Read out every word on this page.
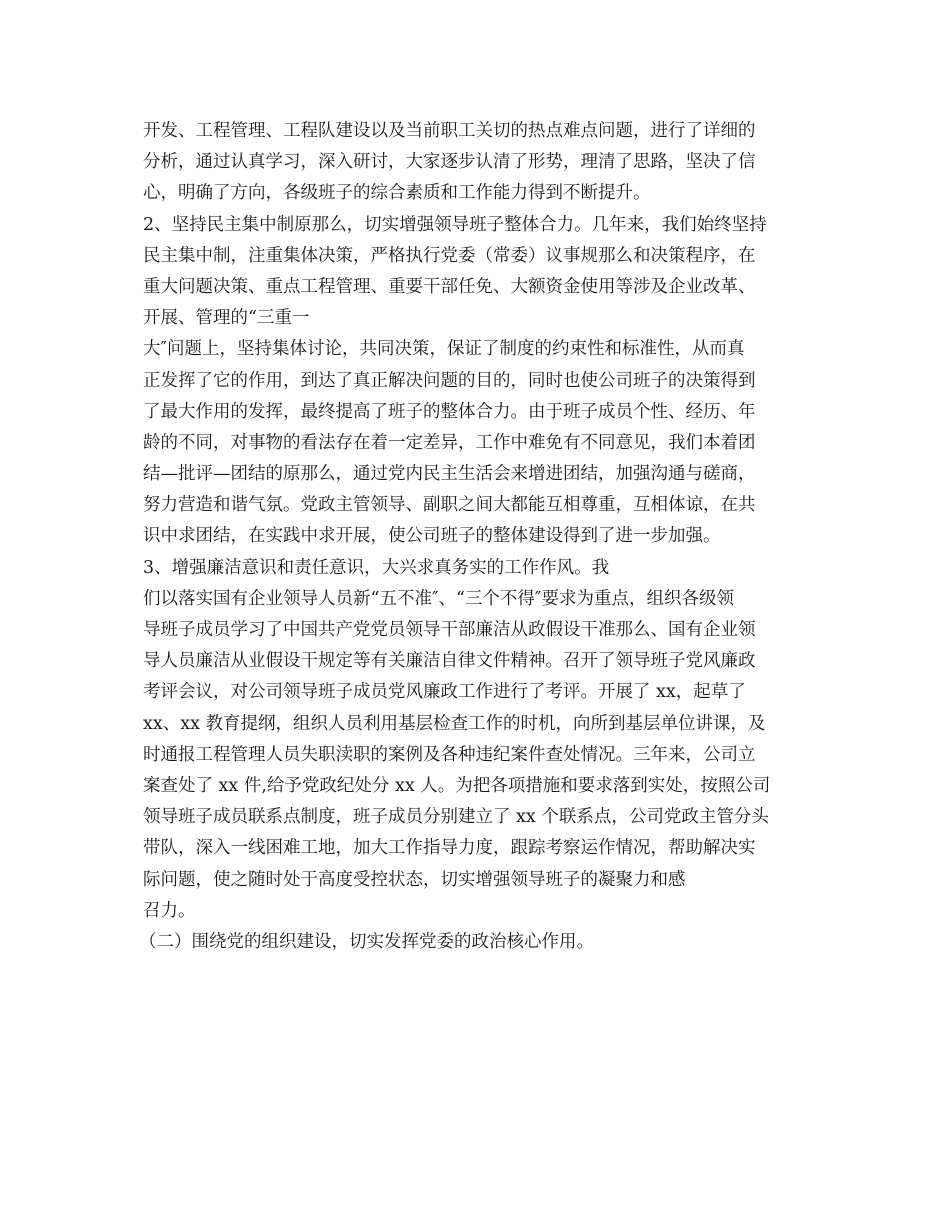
开发、工程管理、工程队建设以及当前职工关切的热点难点问题，进行了详细的
分析，通过认真学习，深入研讨，大家逐步认清了形势，理清了思路，坚决了信
心，明确了方向，各级班子的综合素质和工作能力得到不断提升。
2、坚持民主集中制原那么，切实增强领导班子整体合力。几年来，我们始终坚持
民主集中制，注重集体决策，严格执行党委（常委）议事规那么和决策程序，在
重大问题决策、重点工程管理、重要干部任免、大额资金使用等涉及企业改革、
开展、管理的“三重一
大″问题上，坚持集体讨论，共同决策，保证了制度的约束性和标准性，从而真
正发挥了它的作用，到达了真正解决问题的目的，同时也使公司班子的决策得到
了最大作用的发挥，最终提高了班子的整体合力。由于班子成员个性、经历、年
龄的不同，对事物的看法存在着一定差异，工作中难免有不同意见，我们本着团
结—批评—团结的原那么，通过党内民主生活会来增进团结，加强沟通与磋商，
努力营造和谐气氛。党政主管领导、副职之间大都能互相尊重，互相体谅，在共
识中求团结，在实践中求开展，使公司班子的整体建设得到了进一步加强。
3、增强廉洁意识和责任意识，大兴求真务实的工作作风。我
们以落实国有企业领导人员新“五不准″、“三个不得″要求为重点，组织各级领
导班子成员学习了中国共产党党员领导干部廉洁从政假设干准那么、国有企业领
导人员廉洁从业假设干规定等有关廉洁自律文件精神。召开了领导班子党风廉政
考评会议，对公司领导班子成员党风廉政工作进行了考评。开展了 xx，起草了
xx、xx 教育提纲，组织人员利用基层检查工作的时机，向所到基层单位讲课，及
时通报工程管理人员失职渎职的案例及各种违纪案件查处情况。三年来，公司立
案查处了 xx 件,给予党政纪处分 xx 人。为把各项措施和要求落到实处，按照公司
领导班子成员联系点制度，班子成员分别建立了 xx 个联系点，公司党政主管分头
带队，深入一线困难工地，加大工作指导力度，跟踪考察运作情况，帮助解决实
际问题，使之随时处于高度受控状态，切实增强领导班子的凝聚力和感
召力。
（二）围绕党的组织建设，切实发挥党委的政治核心作用。
